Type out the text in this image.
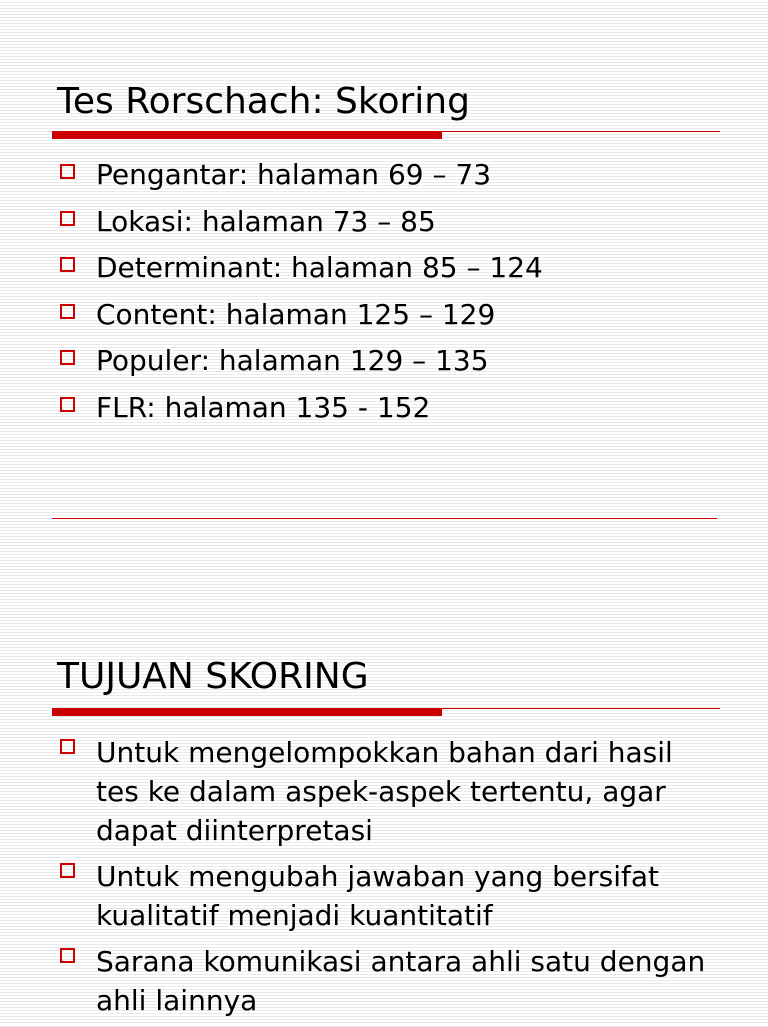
Tes Rorschach: Skoring
Pengantar: halaman 69 – 73
Lokasi: halaman 73 – 85
Determinant: halaman 85 – 124
Content: halaman 125 – 129
Populer: halaman 129 – 135
FLR: halaman 135 - 152
TUJUAN SKORING
Untuk mengelompokkan bahan dari hasil tes ke dalam aspek-aspek tertentu, agar dapat diinterpretasi
Untuk mengubah jawaban yang bersifat kualitatif menjadi kuantitatif
Sarana komunikasi antara ahli satu dengan ahli lainnya
